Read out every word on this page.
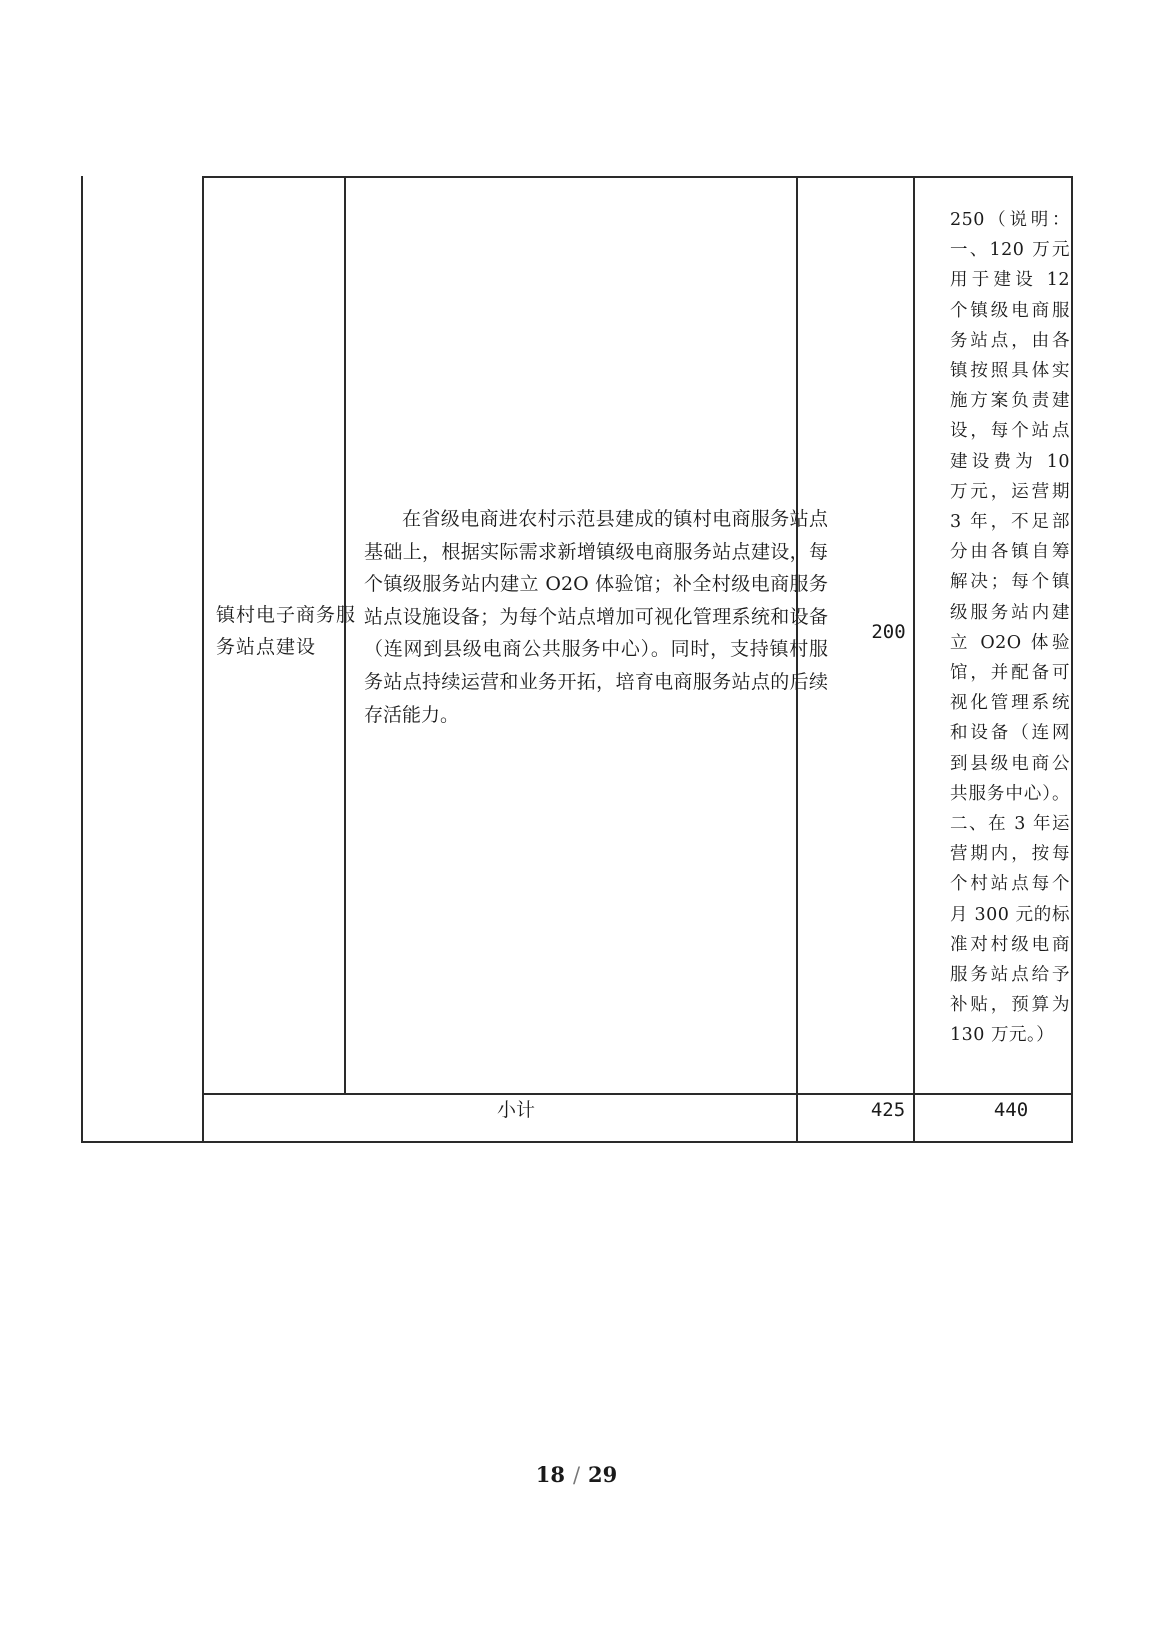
镇村电子商务服务站点建设
在省级电商进农村示范县建成的镇村电商服务站点基础上，根据实际需求新增镇级电商服务站点建设，每个镇级服务站内建立 O2O 体验馆；补全村级电商服务站点设施设备；为每个站点增加可视化管理系统和设备（连网到县级电商公共服务中心）。同时，支持镇村服务站点持续运营和业务开拓，培育电商服务站点的后续存活能力。
200
250（说明：一、120 万元用于建设 12 个镇级电商服务站点，由各镇按照具体实施方案负责建设，每个站点建设费为 10 万元，运营期 3 年，不足部分由各镇自筹解决；每个镇级服务站内建立 O2O 体验馆，并配备可视化管理系统和设备（连网到县级电商公共服务中心）。二、在 3 年运营期内，按每个村站点每个月 300 元的标准对村级电商服务站点给予补贴，预算为 130 万元。）
小计	425	440
18 / 29
